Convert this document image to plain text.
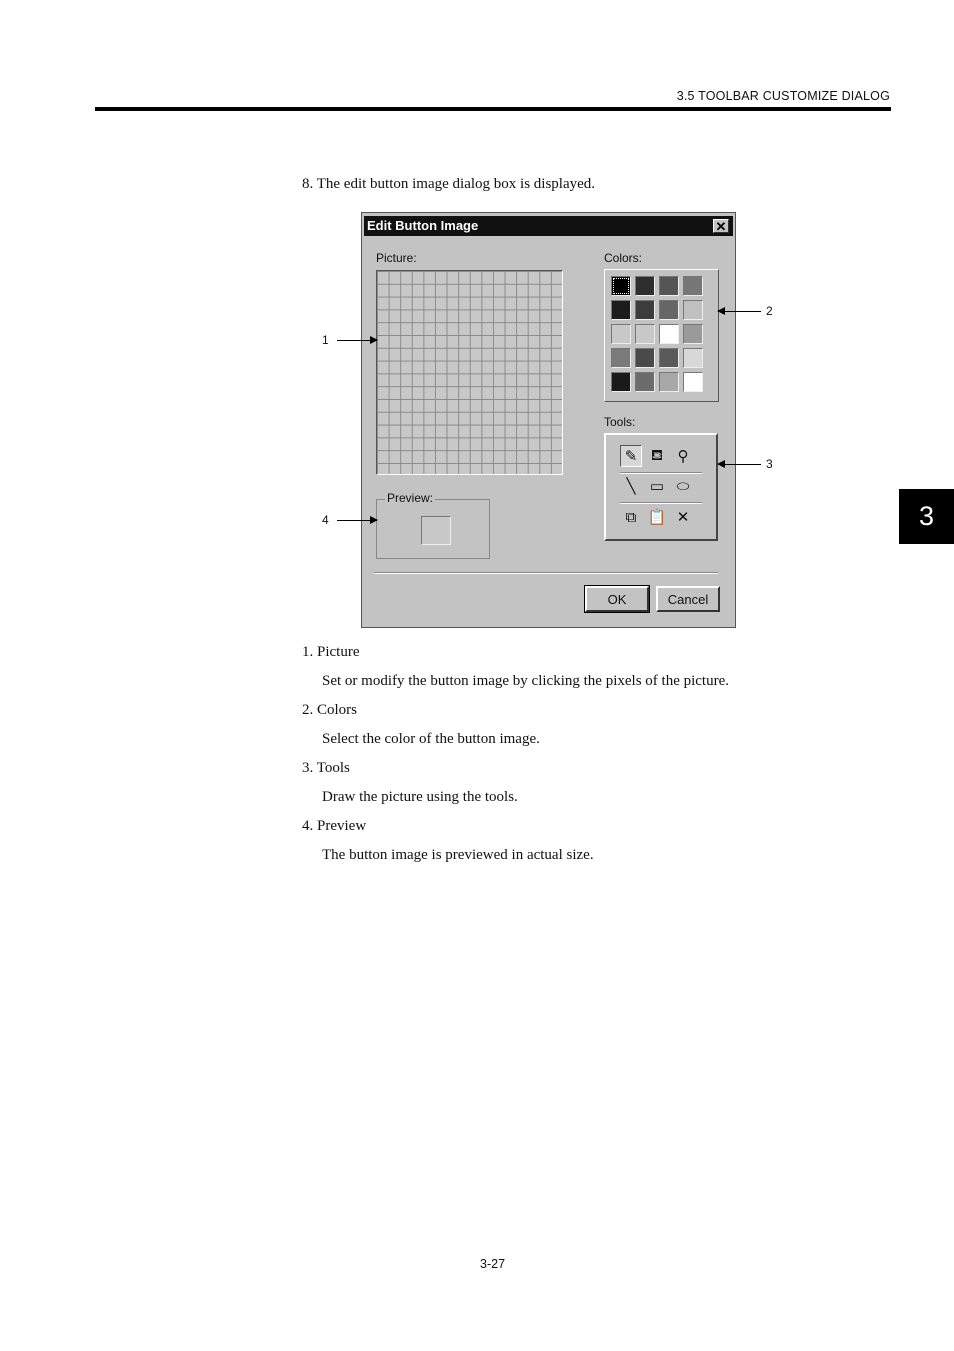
3.5 TOOLBAR CUSTOMIZE DIALOG
3
8. The edit button image dialog box is displayed.
Edit Button Image	✕
Picture:
Preview:
Colors:
Tools:
✎ ⛾ ⚲
╲ ▭ ⬭
⧉ 📋 ✕
OK	Cancel
1
2
3
4
1. Picture
Set or modify the button image by clicking the pixels of the picture.
2. Colors
Select the color of the button image.
3. Tools
Draw the picture using the tools.
4. Preview
The button image is previewed in actual size.
3-27
